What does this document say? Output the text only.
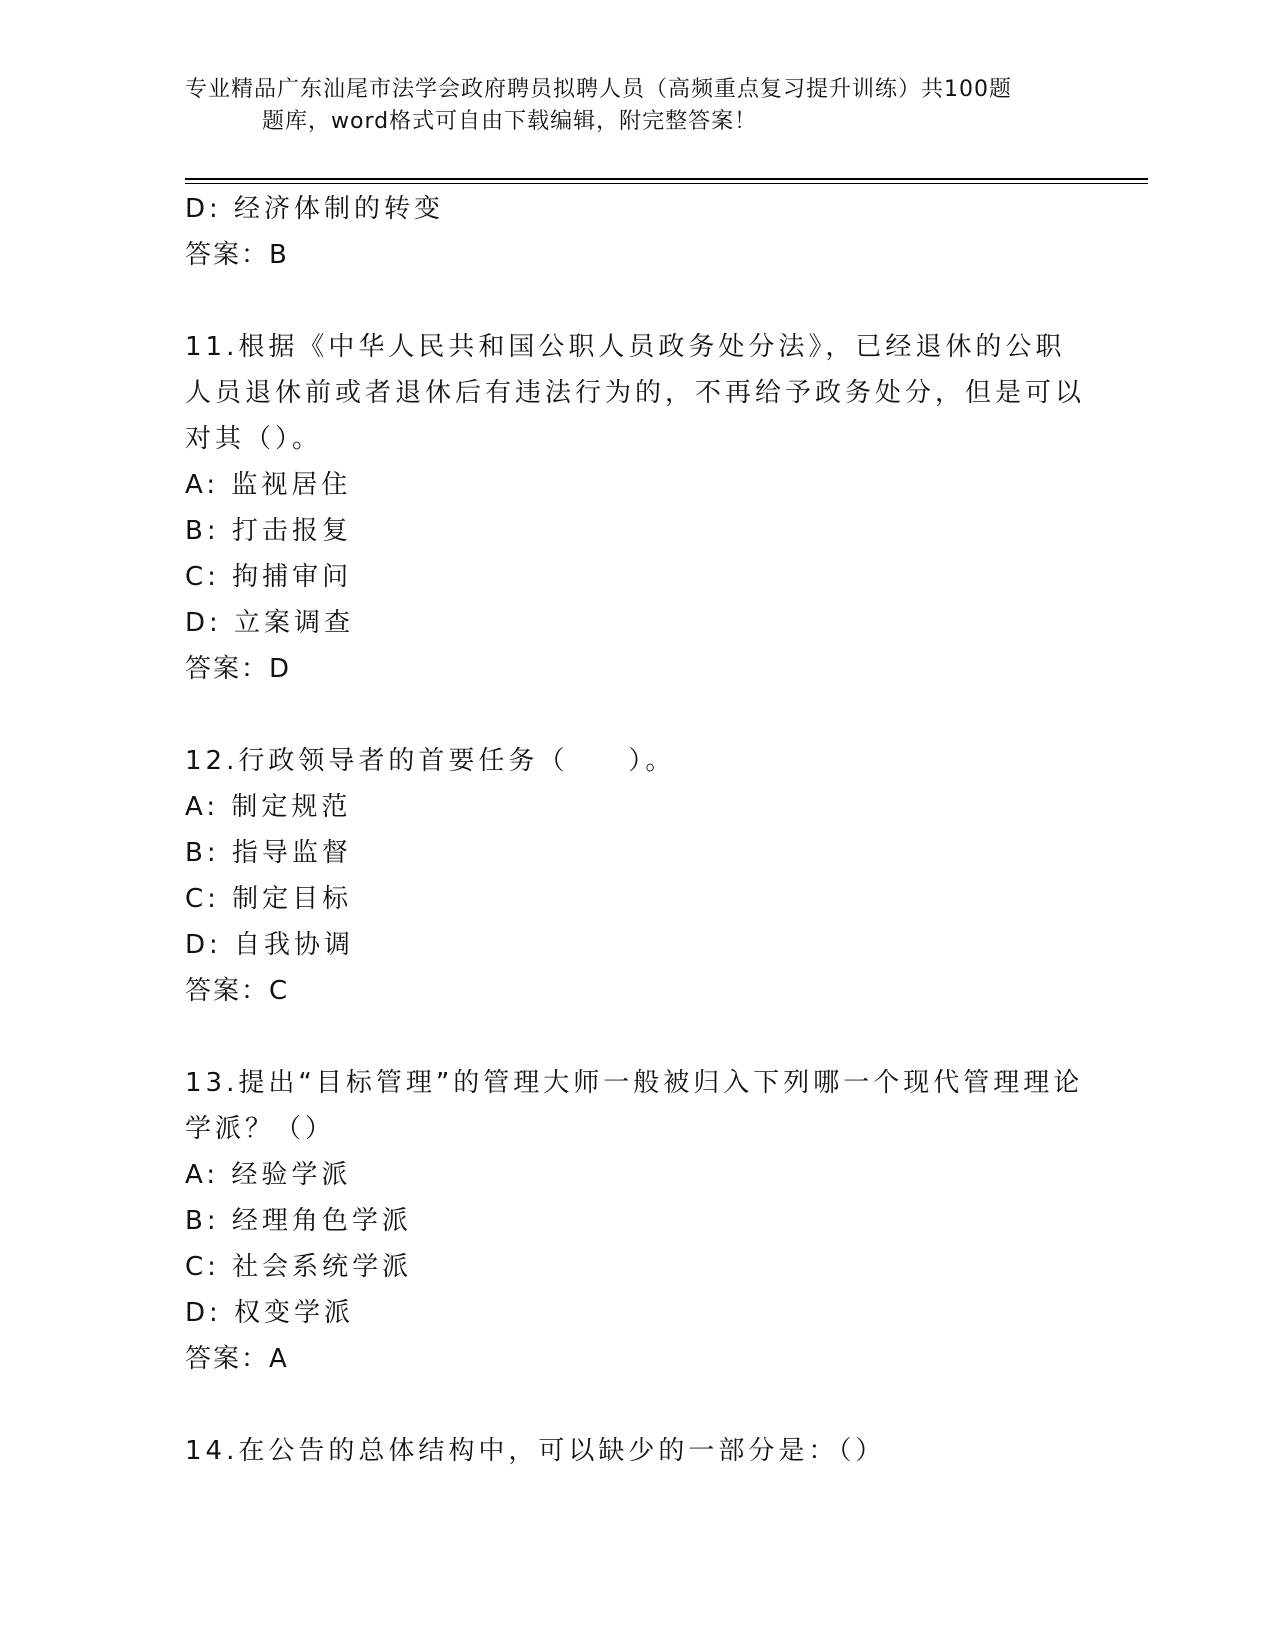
专业精品广东汕尾市法学会政府聘员拟聘人员（高频重点复习提升训练）共100题
题库，word格式可自由下载编辑，附完整答案！

D: 经济体制的转变

答案：B

11.根据《中华人民共和国公职人员政务处分法》，已经退休的公职人员退休前或者退休后有违法行为的，不再给予政务处分，但是可以对其（）。

A: 监视居住

B: 打击报复

C: 拘捕审问

D: 立案调查

答案：D

12.行政领导者的首要任务（　　）。

A: 制定规范

B: 指导监督

C: 制定目标

D: 自我协调

答案：C

13.提出“目标管理”的管理大师一般被归入下列哪一个现代管理理论学派？（）

A: 经验学派

B: 经理角色学派

C: 社会系统学派

D: 权变学派

答案：A

14.在公告的总体结构中，可以缺少的一部分是：（）
